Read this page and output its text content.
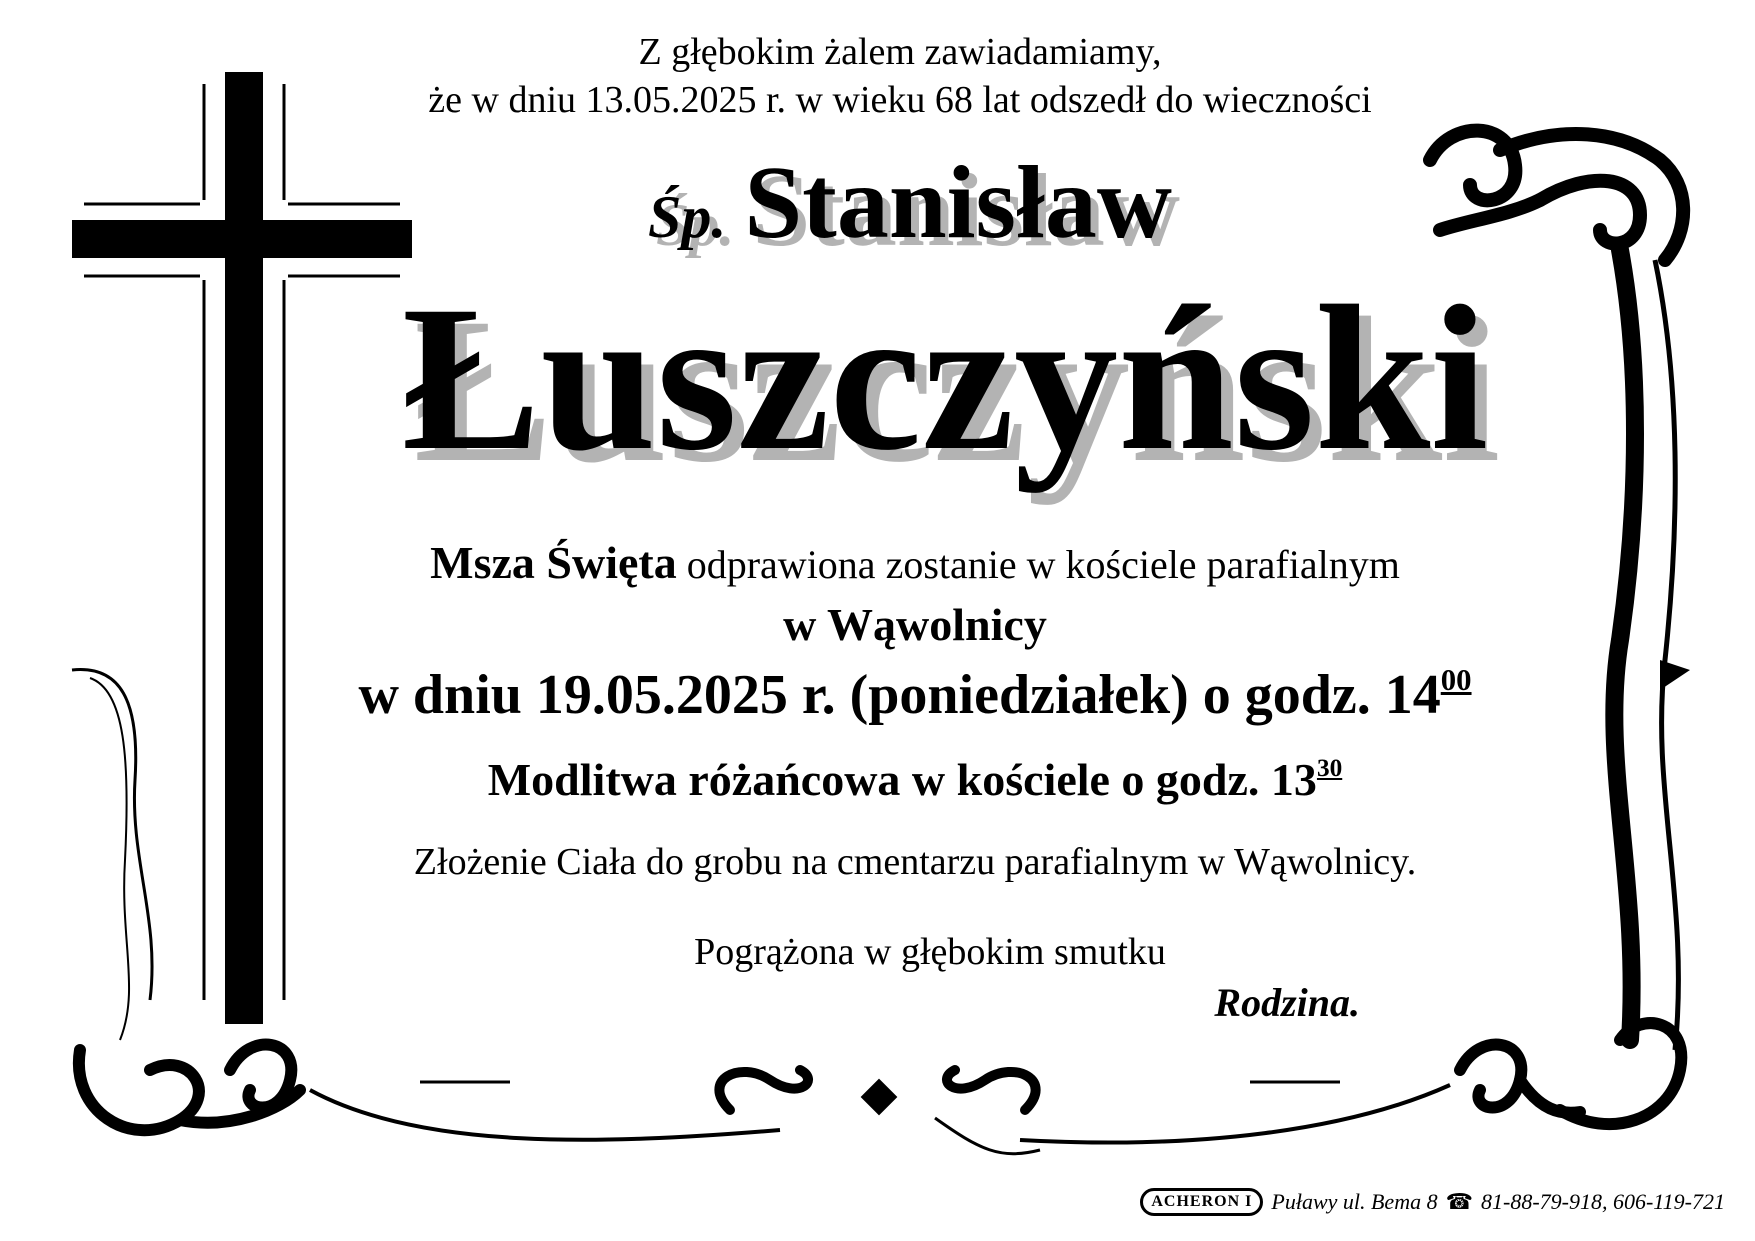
Z głębokim żalem zawiadamiamy,
że w dniu 13.05.2025 r. w wieku 68 lat odszedł do wieczności
Śp. Stanisław
Łuszczyński
Msza Święta odprawiona zostanie w kościele parafialnym
w Wąwolnicy
w dniu 19.05.2025 r. (poniedziałek) o godz. $14^{00}$
Modlitwa różańcowa w kościele o godz. $13^{30}$
Złożenie Ciała do grobu na cmentarzu parafialnym w Wąwolnicy.
Pogrążona w głębokim smutku
Rodzina.
ACHERON I Puławy ul. Bema 8 ☎ 81-88-79-918, 606-119-721
